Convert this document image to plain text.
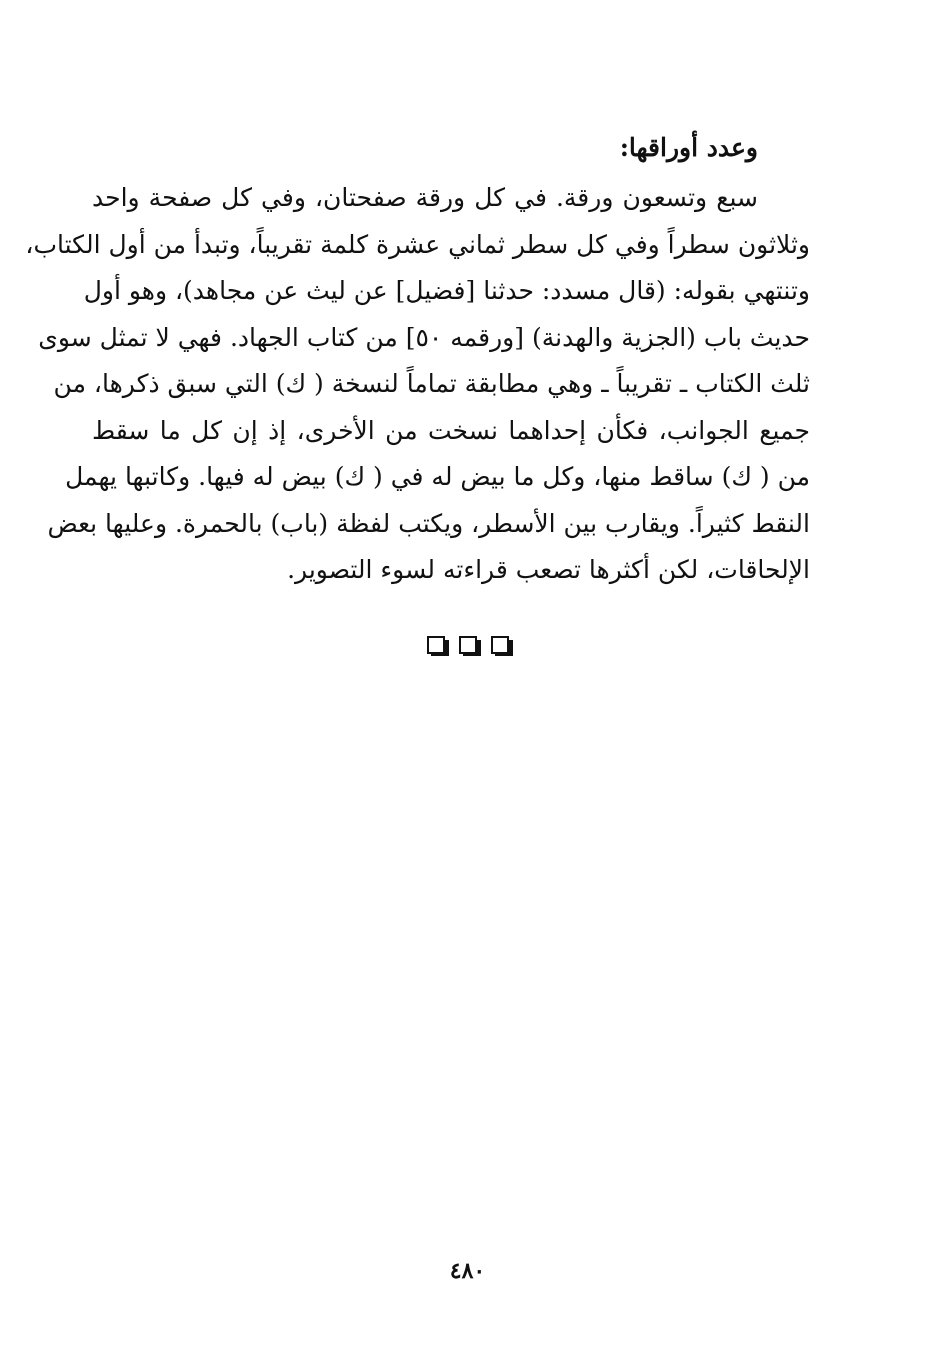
وعدد أوراقها:
سبع وتسعون ورقة. في كل ورقة صفحتان، وفي كل صفحة واحد
وثلاثون سطراً وفي كل سطر ثماني عشرة كلمة تقريباً، وتبدأ من أول الكتاب،
وتنتهي بقوله: (قال مسدد: حدثنا [فضيل] عن ليث عن مجاهد)، وهو أول
حديث باب (الجزية والهدنة) [ورقمه ٥٠] من كتاب الجهاد. فهي لا تمثل سوى
ثلث الكتاب ـ تقريباً ـ وهي مطابقة تماماً لنسخة ( ك) التي سبق ذكرها، من
جميع الجوانب، فكأن إحداهما نسخت من الأخرى، إذ إن كل ما سقط
من ( ك) ساقط منها، وكل ما بيض له في ( ك) بيض له فيها. وكاتبها يهمل
النقط كثيراً. ويقارب بين الأسطر، ويكتب لفظة (باب) بالحمرة. وعليها بعض
الإلحاقات، لكن أكثرها تصعب قراءته لسوء التصوير.
٤٨٠
